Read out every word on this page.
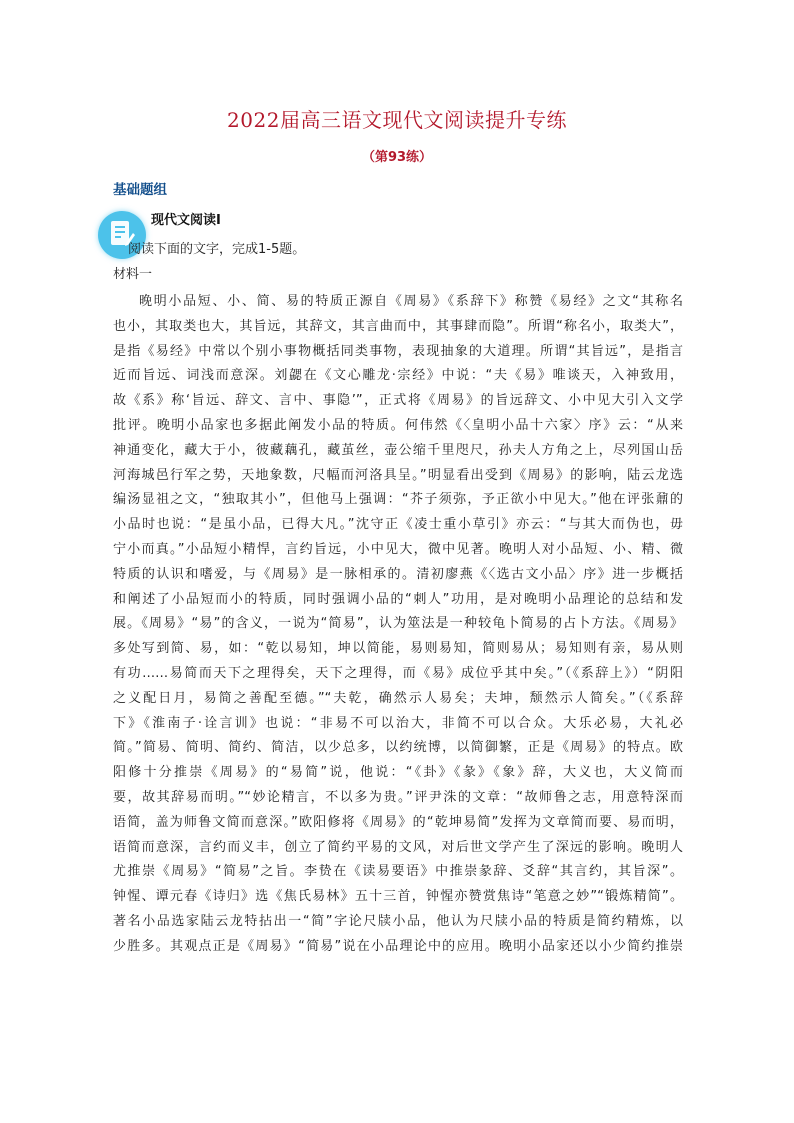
2022届高三语文现代文阅读提升专练
（第93练）
基础题组
现代文阅读Ⅰ
阅读下面的文字，完成1-5题。
材料一
晚明小品短、小、简、易的特质正源自《周易》《系辞下》称赞《易经》之文“其称名
也小，其取类也大，其旨远，其辞文，其言曲而中，其事肆而隐”。所谓“称名小，取类大”，
是指《易经》中常以个别小事物概括同类事物，表现抽象的大道理。所谓“其旨远”，是指言
近而旨远、词浅而意深。刘勰在《文心雕龙·宗经》中说：“夫《易》唯谈天，入神致用，
故《系》称‘旨远、辞文、言中、事隐’”，正式将《周易》的旨远辞文、小中见大引入文学
批评。晚明小品家也多据此阐发小品的特质。何伟然《〈皇明小品十六家〉序》云：“从来
神通变化，藏大于小，彼藏藕孔，藏茧丝，壶公缩千里咫尺，孙夫人方角之上，尽列国山岳
河海城邑行军之势，天地象数，尺幅而河洛具呈。”明显看出受到《周易》的影响，陆云龙选
编汤显祖之文，“独取其小”，但他马上强调：“芥子须弥，予正欲小中见大。”他在评张鼐的
小品时也说：“是虽小品，已得大凡。”沈守正《凌士重小草引》亦云：“与其大而伪也，毋
宁小而真。”小品短小精悍，言约旨远，小中见大，微中见著。晚明人对小品短、小、精、微
特质的认识和嗜爱，与《周易》是一脉相承的。清初廖燕《〈选古文小品〉序》进一步概括
和阐述了小品短而小的特质，同时强调小品的“刺人”功用，是对晚明小品理论的总结和发
展。《周易》“易”的含义，一说为“简易”，认为筮法是一种较龟卜简易的占卜方法。《周易》
多处写到简、易，如：“乾以易知，坤以简能，易则易知，简则易从；易知则有亲，易从则
有功……易简而天下之理得矣，天下之理得，而《易》成位乎其中矣。”（《系辞上》）“阴阳
之义配日月，易简之善配至德。”“夫乾，确然示人易矣；夫坤，颓然示人简矣。”（《系辞
下》《淮南子·诠言训》也说：“非易不可以治大，非简不可以合众。大乐必易，大礼必
简。”简易、简明、简约、简洁，以少总多，以约统博，以简御繁，正是《周易》的特点。欧
阳修十分推崇《周易》的“易简”说，他说：“《卦》《彖》《象》辞，大义也，大义简而
要，故其辞易而明。”“妙论精言，不以多为贵。”评尹洙的文章：“故师鲁之志，用意特深而
语简，盖为师鲁文简而意深。”欧阳修将《周易》的“乾坤易简”发挥为文章简而要、易而明，
语简而意深，言约而义丰，创立了简约平易的文风，对后世文学产生了深远的影响。晚明人
尤推崇《周易》“简易”之旨。李贽在《读易要语》中推崇彖辞、爻辞“其言约，其旨深”。
钟惺、谭元春《诗归》选《焦氏易林》五十三首，钟惺亦赞赏焦诗“笔意之妙”“锻炼精简”。
著名小品选家陆云龙特拈出一“简”字论尺牍小品，他认为尺牍小品的特质是简约精炼，以
少胜多。其观点正是《周易》“简易”说在小品理论中的应用。晚明小品家还以小少简约推崇
